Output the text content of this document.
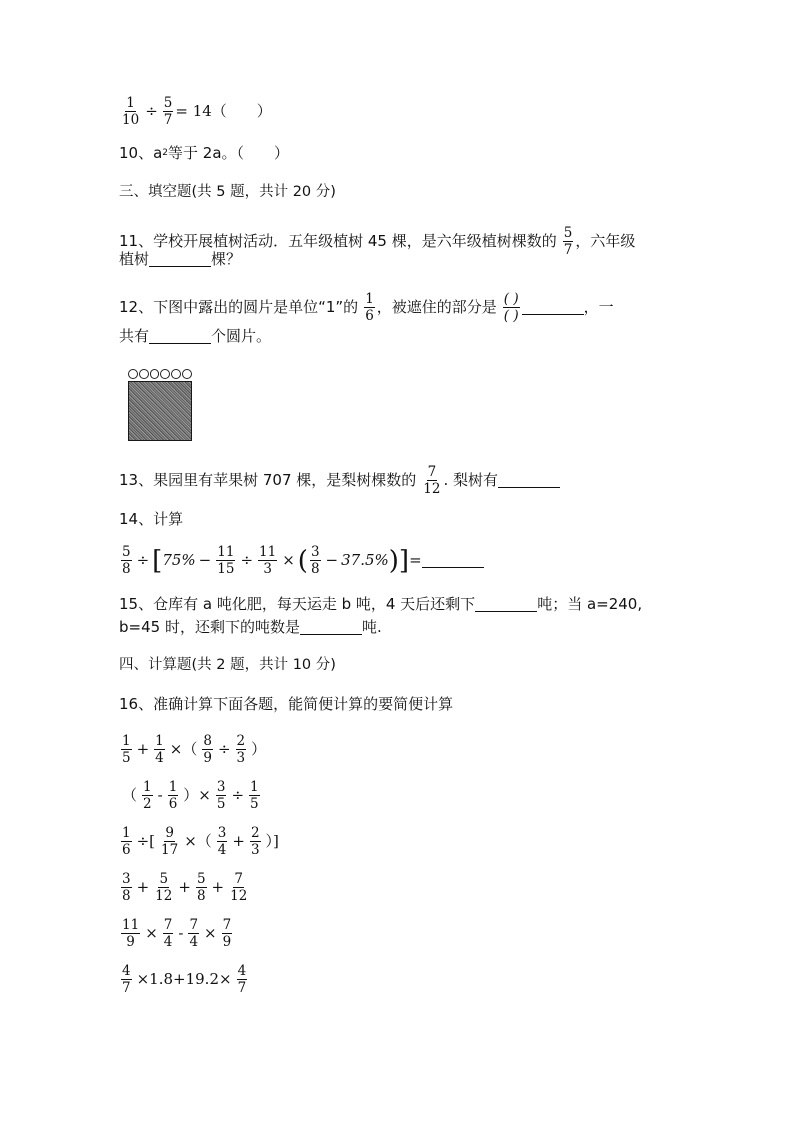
$\frac{1}{10} \div \frac{5}{7} = 14$（　　）
10、a 2 等于 2a。（　　）
三、填空题(共 5 题，共计 20 分)
11、学校开展植树活动．五年级植树 45 棵，是六年级植树棵数的 $\frac{5}{7}$ ，六年级
植树	棵？
12、下图中露出的圆片是单位“1”的 $\frac{1}{6}$ ，被遮住的部分是 $\frac{( )}{( )}$	，一
共有	个圆片。
13、果园里有苹果树 707 棵，是梨树棵数的 $\frac{7}{12}$ . 梨树有
14、计算
$\frac{5}{8}$ ÷ [ $75\% - \frac{11}{15} \div \frac{11}{3}$ × ( $\frac{3}{8} - 37.5\%$ ) ] =
15、仓库有 a 吨化肥，每天运走 b 吨，4 天后还剩下	吨；当 a=240,
b=45 时，还剩下的吨数是	吨.
四、计算题(共 2 题，共计 10 分)
16、准确计算下面各题，能简便计算的要简便计算
$\frac{1}{5} + \frac{1}{4}$ ×（ $\frac{8}{9} \div \frac{2}{3}$ ）
（ $\frac{1}{2} - \frac{1}{6}$ ）× $\frac{3}{5} \div \frac{1}{5}$
$\frac{1}{6}$ ÷[ $\frac{9}{17}$ ×（ $\frac{3}{4} + \frac{2}{3}$ ）]
$\frac{3}{8} + \frac{5}{12} + \frac{5}{8} + \frac{7}{12}$
$\frac{11}{9} \times \frac{7}{4} - \frac{7}{4} \times \frac{7}{9}$
$\frac{4}{7} \times 1.8+19.2\times \frac{4}{7}$
